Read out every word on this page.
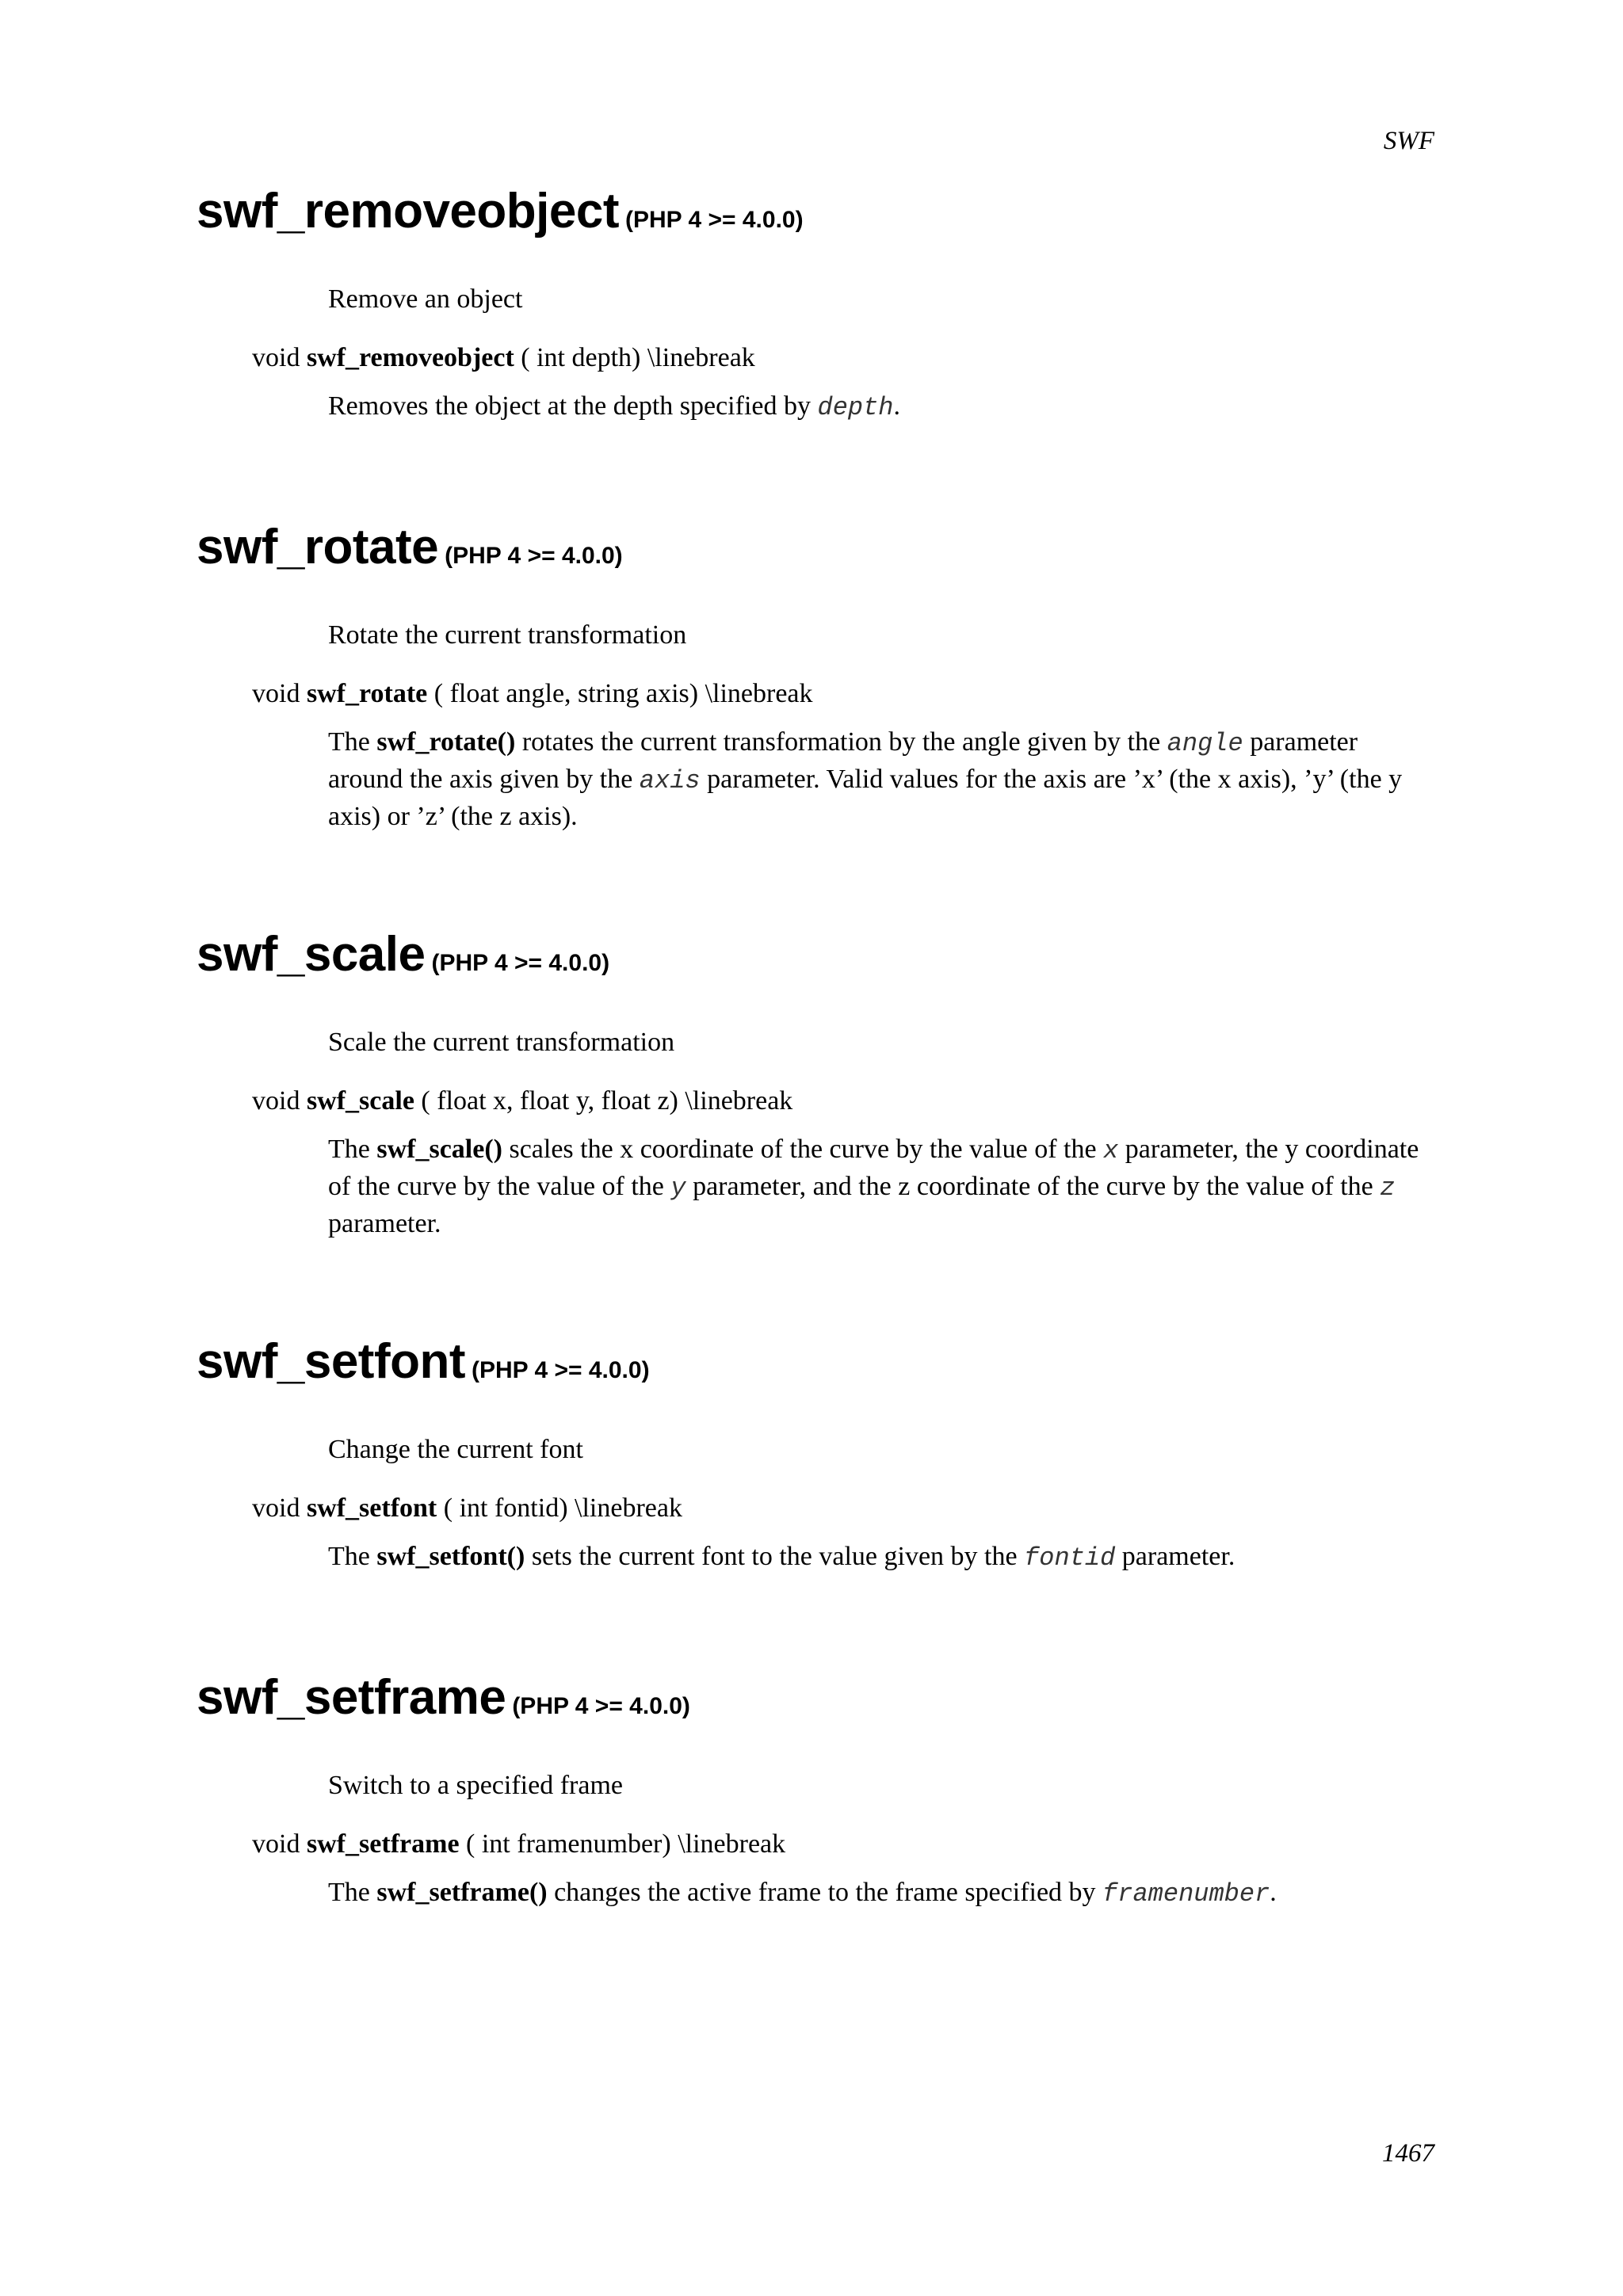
SWF
swf_removeobject (PHP 4 >= 4.0.0)
Remove an object
void swf_removeobject ( int depth) \linebreak
Removes the object at the depth specified by depth.
swf_rotate (PHP 4 >= 4.0.0)
Rotate the current transformation
void swf_rotate ( float angle, string axis) \linebreak
The swf_rotate() rotates the current transformation by the angle given by the angle parameter around the axis given by the axis parameter. Valid values for the axis are ’x’ (the x axis), ’y’ (the y axis) or ’z’ (the z axis).
swf_scale (PHP 4 >= 4.0.0)
Scale the current transformation
void swf_scale ( float x, float y, float z) \linebreak
The swf_scale() scales the x coordinate of the curve by the value of the x parameter, the y coordinate of the curve by the value of the y parameter, and the z coordinate of the curve by the value of the z parameter.
swf_setfont (PHP 4 >= 4.0.0)
Change the current font
void swf_setfont ( int fontid) \linebreak
The swf_setfont() sets the current font to the value given by the fontid parameter.
swf_setframe (PHP 4 >= 4.0.0)
Switch to a specified frame
void swf_setframe ( int framenumber) \linebreak
The swf_setframe() changes the active frame to the frame specified by framenumber.
1467
